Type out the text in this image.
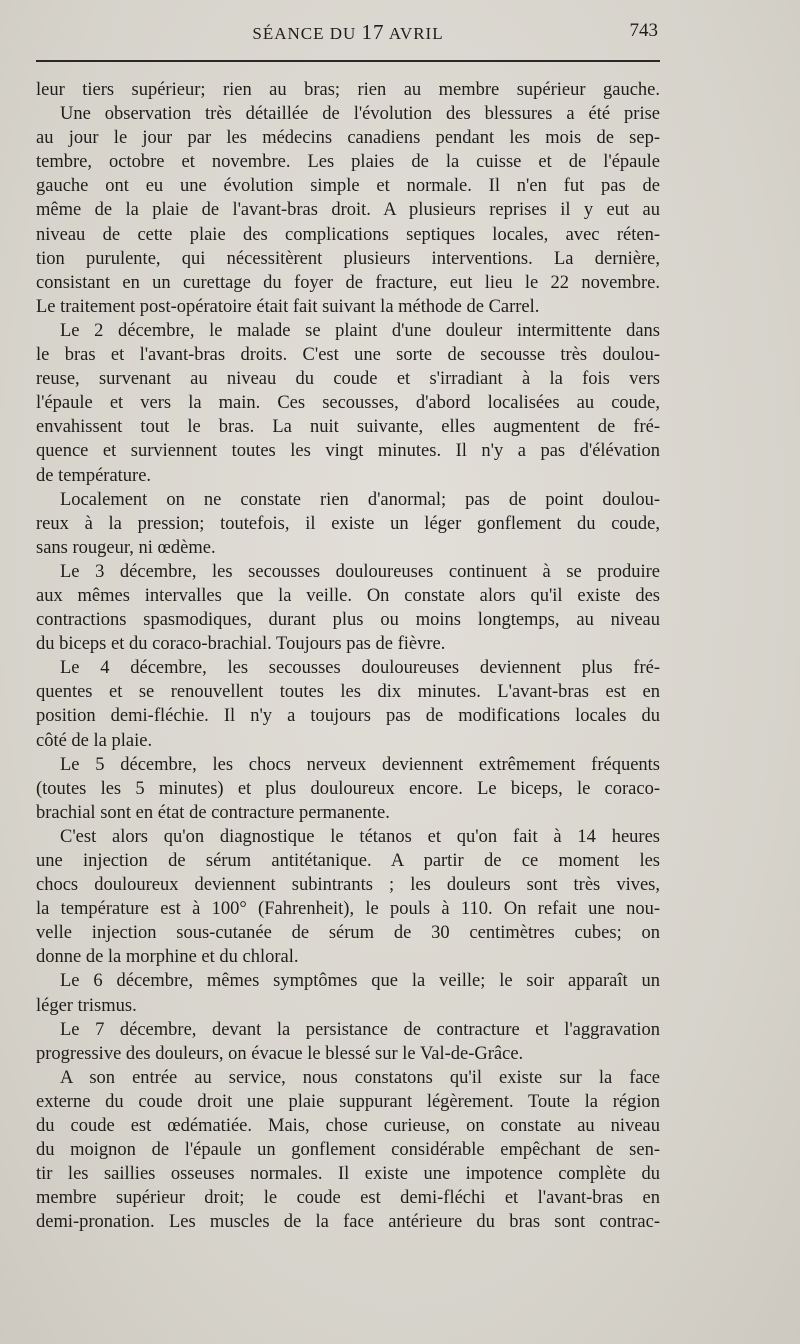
SÉANCE DU 17 AVRIL	743
leur tiers supérieur; rien au bras; rien au membre supérieur gauche.
Une observation très détaillée de l'évolution des blessures a été prise
au jour le jour par les médecins canadiens pendant les mois de sep-
tembre, octobre et novembre. Les plaies de la cuisse et de l'épaule
gauche ont eu une évolution simple et normale. Il n'en fut pas de
même de la plaie de l'avant-bras droit. A plusieurs reprises il y eut au
niveau de cette plaie des complications septiques locales, avec réten-
tion purulente, qui nécessitèrent plusieurs interventions. La dernière,
consistant en un curettage du foyer de fracture, eut lieu le 22 novembre.
Le traitement post-opératoire était fait suivant la méthode de Carrel.
Le 2 décembre, le malade se plaint d'une douleur intermittente dans
le bras et l'avant-bras droits. C'est une sorte de secousse très doulou-
reuse, survenant au niveau du coude et s'irradiant à la fois vers
l'épaule et vers la main. Ces secousses, d'abord localisées au coude,
envahissent tout le bras. La nuit suivante, elles augmentent de fré-
quence et surviennent toutes les vingt minutes. Il n'y a pas d'élévation
de température.
Localement on ne constate rien d'anormal; pas de point doulou-
reux à la pression; toutefois, il existe un léger gonflement du coude,
sans rougeur, ni œdème.
Le 3 décembre, les secousses douloureuses continuent à se produire
aux mêmes intervalles que la veille. On constate alors qu'il existe des
contractions spasmodiques, durant plus ou moins longtemps, au niveau
du biceps et du coraco-brachial. Toujours pas de fièvre.
Le 4 décembre, les secousses douloureuses deviennent plus fré-
quentes et se renouvellent toutes les dix minutes. L'avant-bras est en
position demi-fléchie. Il n'y a toujours pas de modifications locales du
côté de la plaie.
Le 5 décembre, les chocs nerveux deviennent extrêmement fréquents
(toutes les 5 minutes) et plus douloureux encore. Le biceps, le coraco-
brachial sont en état de contracture permanente.
C'est alors qu'on diagnostique le tétanos et qu'on fait à 14 heures
une injection de sérum antitétanique. A partir de ce moment les
chocs douloureux deviennent subintrants ; les douleurs sont très vives,
la température est à 100° (Fahrenheit), le pouls à 110. On refait une nou-
velle injection sous-cutanée de sérum de 30 centimètres cubes; on
donne de la morphine et du chloral.
Le 6 décembre, mêmes symptômes que la veille; le soir apparaît un
léger trismus.
Le 7 décembre, devant la persistance de contracture et l'aggravation
progressive des douleurs, on évacue le blessé sur le Val-de-Grâce.
A son entrée au service, nous constatons qu'il existe sur la face
externe du coude droit une plaie suppurant légèrement. Toute la région
du coude est œdématiée. Mais, chose curieuse, on constate au niveau
du moignon de l'épaule un gonflement considérable empêchant de sen-
tir les saillies osseuses normales. Il existe une impotence complète du
membre supérieur droit; le coude est demi-fléchi et l'avant-bras en
demi-pronation. Les muscles de la face antérieure du bras sont contrac-
